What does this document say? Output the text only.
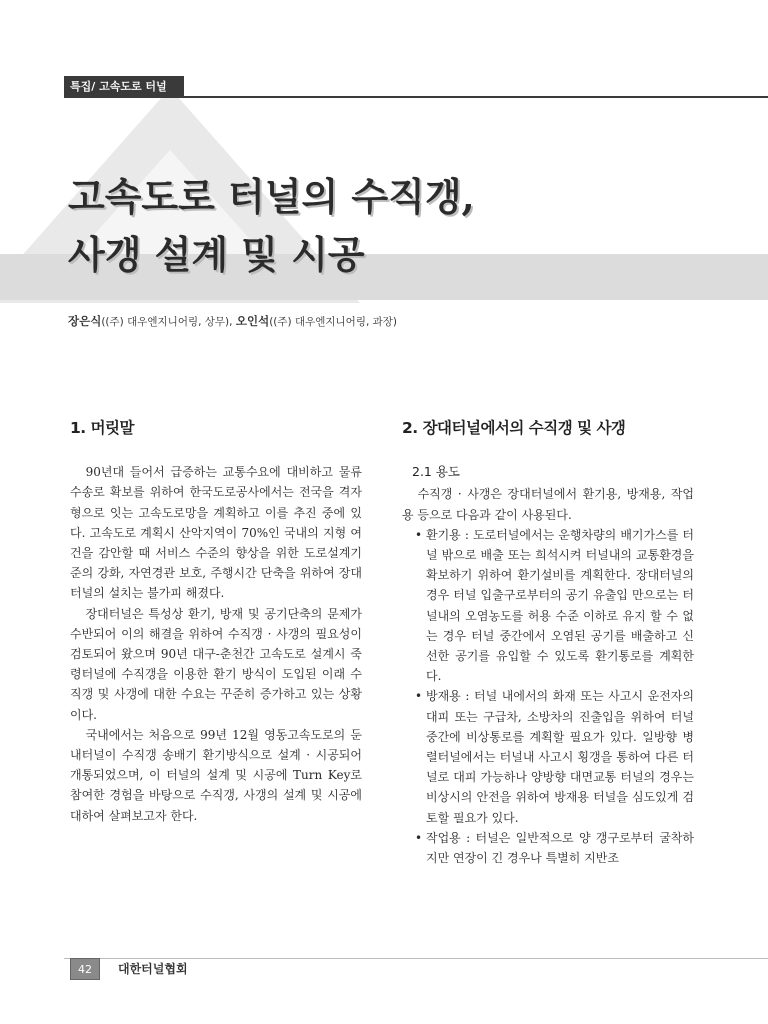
특집/ 고속도로 터널
고속도로 터널의 수직갱,
사갱 설계 및 시공
장은식((주) 대우엔지니어링, 상무), 오인석((주) 대우엔지니어링, 과장)
1. 머릿말

90년대 들어서 급증하는 교통수요에 대비하고 물류 수송로 확보를 위하여 한국도로공사에서는 전국을 격자형으로 잇는 고속도로망을 계획하고 이를 추진 중에 있다. 고속도로 계획시 산악지역이 70%인 국내의 지형 여건을 감안할 때 서비스 수준의 향상을 위한 도로설계기준의 강화, 자연경관 보호, 주행시간 단축을 위하여 장대터널의 설치는 불가피 해졌다.

장대터널은 특성상 환기, 방재 및 공기단축의 문제가 수반되어 이의 해결을 위하여 수직갱 · 사갱의 필요성이 검토되어 왔으며 90년 대구-춘천간 고속도로 설계시 죽령터널에 수직갱을 이용한 환기 방식이 도입된 이래 수직갱 및 사갱에 대한 수요는 꾸준히 증가하고 있는 상황이다.

국내에서는 처음으로 99년 12월 영동고속도로의 둔내터널이 수직갱 송배기 환기방식으로 설계 · 시공되어 개통되었으며, 이 터널의 설계 및 시공에 Turn Key로 참여한 경험을 바탕으로 수직갱, 사갱의 설계 및 시공에 대하여 살펴보고자 한다.

2. 장대터널에서의 수직갱 및 사갱
2.1 용도

수직갱 · 사갱은 장대터널에서 환기용, 방재용, 작업용 등으로 다음과 같이 사용된다.

• 환기용 : 도로터널에서는 운행차량의 배기가스를 터널 밖으로 배출 또는 희석시켜 터널내의 교통환경을 확보하기 위하여 환기설비를 계획한다. 장대터널의 경우 터널 입출구로부터의 공기 유출입 만으로는 터널내의 오염농도를 허용 수준 이하로 유지 할 수 없는 경우 터널 중간에서 오염된 공기를 배출하고 신선한 공기를 유입할 수 있도록 환기통로를 계획한다.
• 방재용 : 터널 내에서의 화재 또는 사고시 운전자의 대피 또는 구급차, 소방차의 진출입을 위하여 터널 중간에 비상통로를 계획할 필요가 있다. 일방향 병렬터널에서는 터널내 사고시 횡갱을 통하여 다른 터널로 대피 가능하나 양방향 대면교통 터널의 경우는 비상시의 안전을 위하여 방재용 터널을 심도있게 검토할 필요가 있다.
• 작업용 : 터널은 일반적으로 양 갱구로부터 굴착하지만 연장이 긴 경우나 특별히 지반조
42	대한터널협회
